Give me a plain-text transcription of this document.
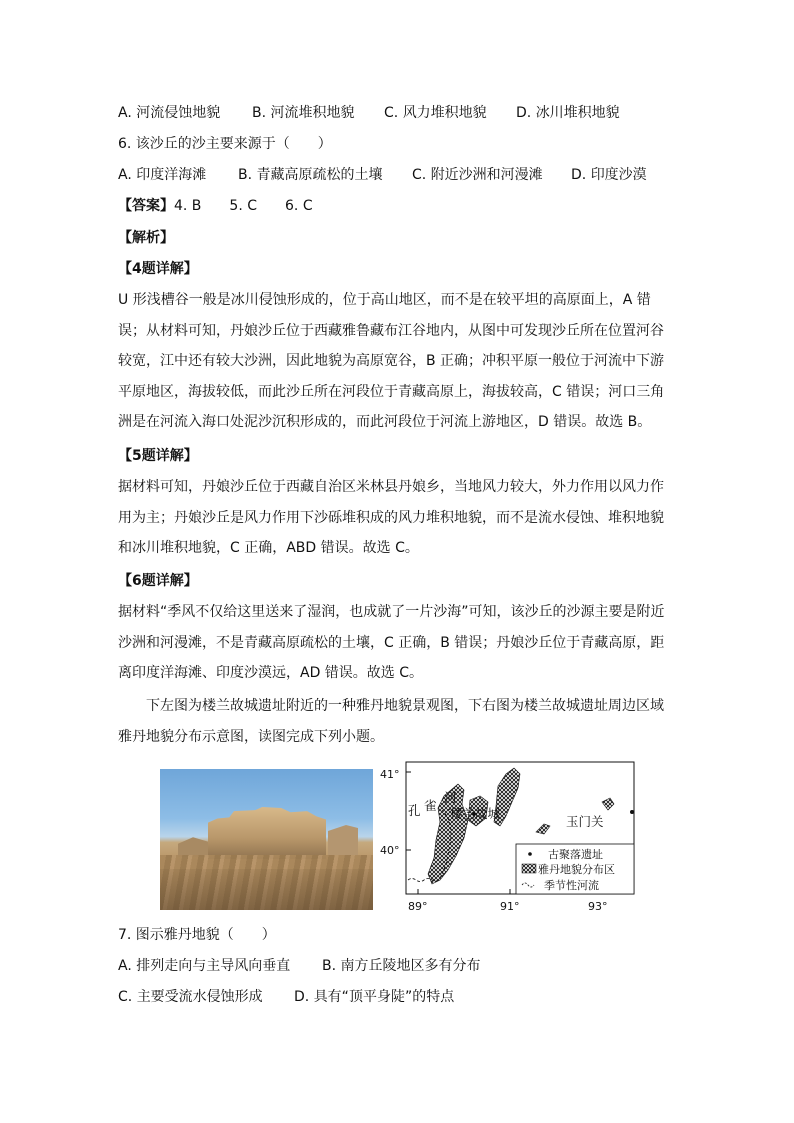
A. 河流侵蚀地貌 B. 河流堆积地貌 C. 风力堆积地貌 D. 冰川堆积地貌
6. 该沙丘的沙主要来源于（　　）
A. 印度洋海滩 B. 青藏高原疏松的土壤 C. 附近沙洲和河漫滩 D. 印度沙漠
【答案】4. B 5. C 6. C
【解析】
【4题详解】
U 形浅槽谷一般是冰川侵蚀形成的，位于高山地区，而不是在较平坦的高原面上，A 错
误；从材料可知，丹娘沙丘位于西藏雅鲁藏布江谷地内，从图中可发现沙丘所在位置河谷
较宽，江中还有较大沙洲，因此地貌为高原宽谷，B 正确；冲积平原一般位于河流中下游
平原地区，海拔较低，而此沙丘所在河段位于青藏高原上，海拔较高，C 错误；河口三角
洲是在河流入海口处泥沙沉积形成的，而此河段位于河流上游地区，D 错误。故选 B。
【5题详解】
据材料可知，丹娘沙丘位于西藏自治区米林县丹娘乡，当地风力较大，外力作用以风力作
用为主；丹娘沙丘是风力作用下沙砾堆积成的风力堆积地貌，而不是流水侵蚀、堆积地貌
和冰川堆积地貌，C 正确，ABD 错误。故选 C。
【6题详解】
据材料“季风不仅给这里送来了湿润，也成就了一片沙海”可知，该沙丘的沙源主要是附近
沙洲和河漫滩，不是青藏高原疏松的土壤，C 正确，B 错误；丹娘沙丘位于青藏高原，距
离印度洋海滩、印度沙漠远，AD 错误。故选 C。
下左图为楼兰故城遗址附近的一种雅丹地貌景观图，下右图为楼兰故城遗址周边区域
雅丹地貌分布示意图，读图完成下列小题。
41°
40°
89°	91°	93°
孔 雀
河
楼兰故城
玉门关
古聚落遗址
雅丹地貌分布区
季节性河流
7. 图示雅丹地貌（　　）
A. 排列走向与主导风向垂直 B. 南方丘陵地区多有分布
C. 主要受流水侵蚀形成 D. 具有“顶平身陡”的特点
